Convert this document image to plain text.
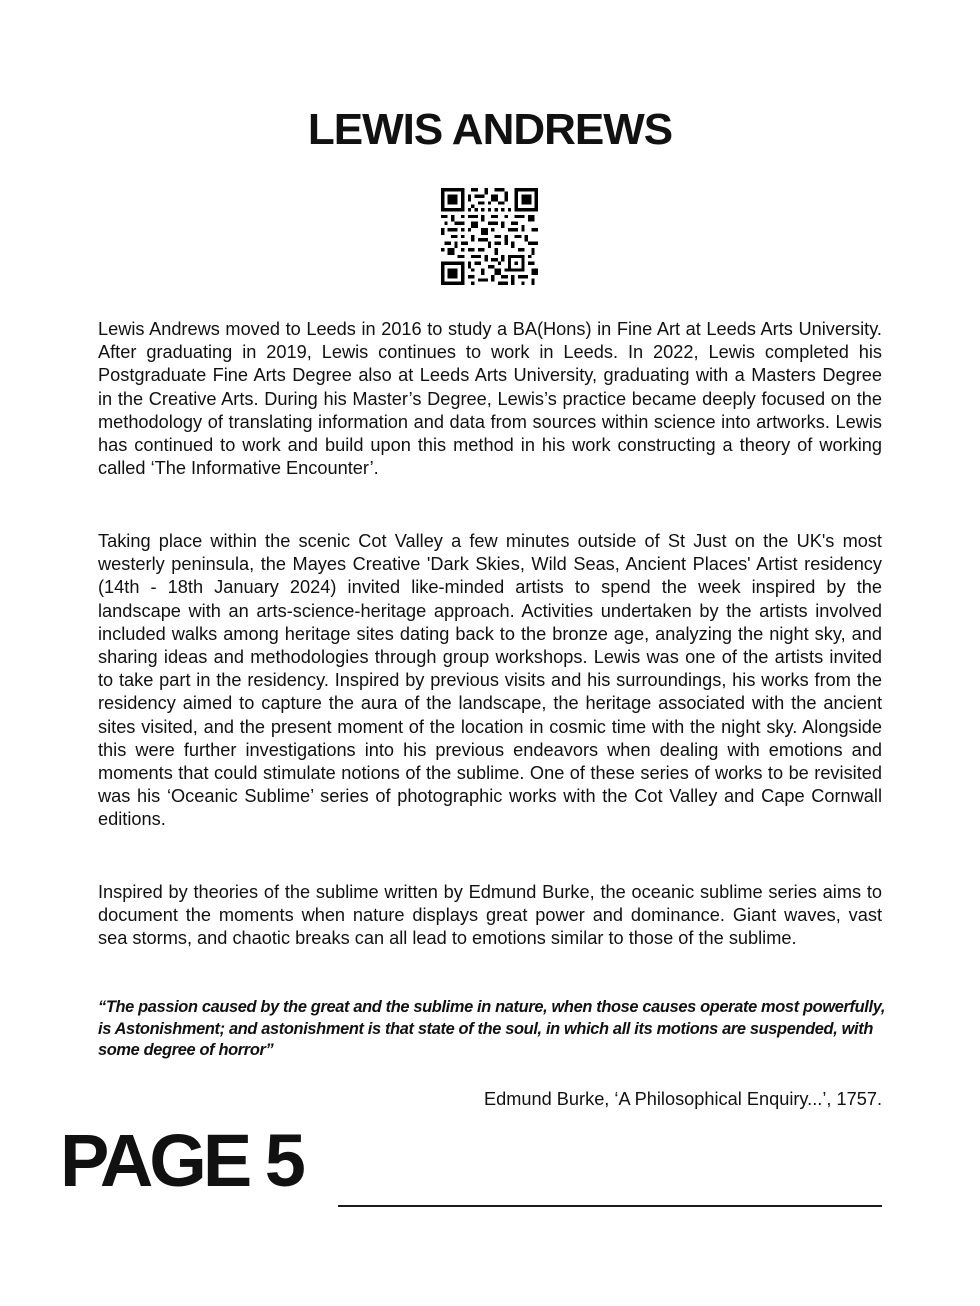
LEWIS ANDREWS

Lewis Andrews moved to Leeds in 2016 to study a BA(Hons) in Fine Art at Leeds Arts University. After graduating in 2019, Lewis continues to work in Leeds. In 2022, Lewis completed his Postgraduate Fine Arts Degree also at Leeds Arts University, graduating with a Masters Degree in the Creative Arts. During his Master’s Degree, Lewis’s practice became deeply focused on the methodology of translating information and data from sources within science into artworks. Lewis has continued to work and build upon this method in his work constructing a theory of working called ‘The Informative Encounter’.

Taking place within the scenic Cot Valley a few minutes outside of St Just on the UK's most westerly peninsula, the Mayes Creative 'Dark Skies, Wild Seas, Ancient Places' Artist residency (14th - 18th January 2024) invited like-minded artists to spend the week inspired by the landscape with an arts-science-heritage approach. Activities undertaken by the artists involved included walks among heritage sites dating back to the bronze age, analyzing the night sky, and sharing ideas and methodologies through group workshops. Lewis was one of the artists invited to take part in the residency. Inspired by previous visits and his surroundings, his works from the residency aimed to capture the aura of the landscape, the heritage associated with the ancient sites visited, and the present moment of the location in cosmic time with the night sky. Alongside this were further investigations into his previous endeavors when dealing with emotions and moments that could stimulate notions of the sublime. One of these series of works to be revisited was his ‘Oceanic Sublime’ series of photographic works with the Cot Valley and Cape Cornwall editions.

Inspired by theories of the sublime written by Edmund Burke, the oceanic sublime series aims to document the moments when nature displays great power and dominance. Giant waves, vast sea storms, and chaotic breaks can all lead to emotions similar to those of the sublime.

“The passion caused by the great and the sublime in nature, when those causes operate most powerfully, is Astonishment; and astonishment is that state of the soul, in which all its motions are suspended, with some degree of horror”

Edmund Burke, ‘A Philosophical Enquiry...’, 1757.

PAGE 5
